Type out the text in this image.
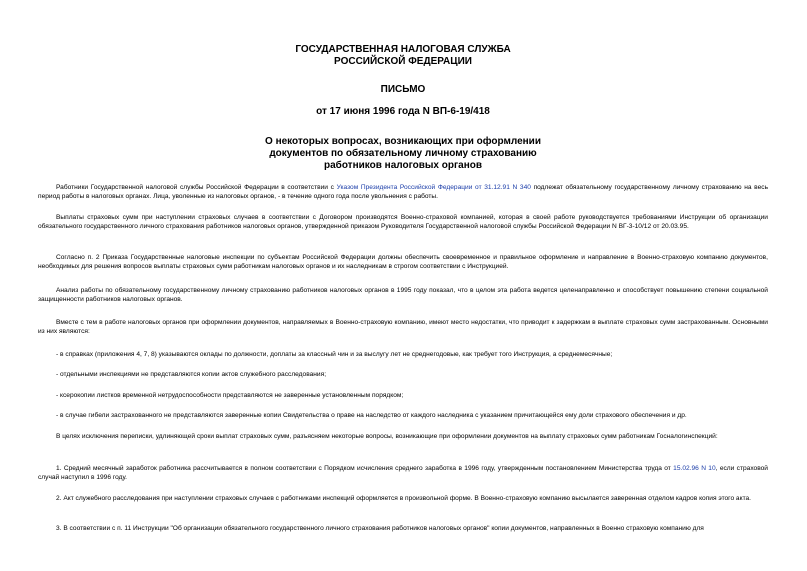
ГОСУДАРСТВЕННАЯ НАЛОГОВАЯ СЛУЖБА
РОССИЙСКОЙ ФЕДЕРАЦИИ
ПИСЬМО
от 17 июня 1996 года N ВП-6-19/418
О некоторых вопросах, возникающих при оформлении
документов по обязательному личному страхованию
работников налоговых органов

Работники Государственной налоговой службы Российской Федерации в соответствии с Указом Президента Российской Федерации от 31.12.91 N 340 подлежат обязательному государственному личному страхованию на весь период работы в налоговых органах. Лица, уволенные из налоговых органов, - в течение одного года после увольнения с работы.

Выплаты страховых сумм при наступлении страховых случаев в соответствии с Договором производятся Военно-страховой компанией, которая в своей работе руководствуется требованиями Инструкции об организации обязательного государственного личного страхования работников налоговых органов, утвержденной приказом Руководителя Государственной налоговой службы Российской Федерации N ВГ-3-10/12 от 20.03.95.

Согласно п. 2 Приказа Государственные налоговые инспекции по субъектам Российской Федерации должны обеспечить своевременное и правильное оформление и направление в Военно-страховую компанию документов, необходимых для решения вопросов выплаты страховых сумм работникам налоговых органов и их наследникам в строгом соответствии с Инструкцией.

Анализ работы по обязательному государственному личному страхованию работников налоговых органов в 1995 году показал, что в целом эта работа ведется целенаправленно и способствует повышению степени социальной защищенности работников налоговых органов.

Вместе с тем в работе налоговых органов при оформлении документов, направляемых в Военно-страховую компанию, имеют место недостатки, что приводит к задержкам в выплате страховых сумм застрахованным. Основными из них являются:

- в справках (приложения 4, 7, 8) указываются оклады по должности, доплаты за классный чин и за выслугу лет не среднегодовые, как требует того Инструкция, а среднемесячные;

- отдельными инспекциями не представляются копии актов служебного расследования;

- ксерокопии листков временной нетрудоспособности представляются не заверенные установленным порядком;

- в случае гибели застрахованного не представляются заверенные копии Свидетельства о праве на наследство от каждого наследника с указанием причитающейся ему доли страхового обеспечения и др.

В целях исключения переписки, удлиняющей сроки выплат страховых сумм, разъясняем некоторые вопросы, возникающие при оформлении документов на выплату страховых сумм работникам Госналогинспекций:

1. Средний месячный заработок работника рассчитывается в полном соответствии с Порядком исчисления среднего заработка в 1996 году, утвержденным постановлением Министерства труда от 15.02.96 N 10, если страховой случай наступил в 1996 году.

2. Акт служебного расследования при наступлении страховых случаев с работниками инспекций оформляется в произвольной форме. В Военно-страховую компанию высылается заверенная отделом кадров копия этого акта.

3. В соответствии с п. 11 Инструкции "Об организации обязательного государственного личного страхования работников налоговых органов" копии документов, направленных в Военно страховую компанию для
